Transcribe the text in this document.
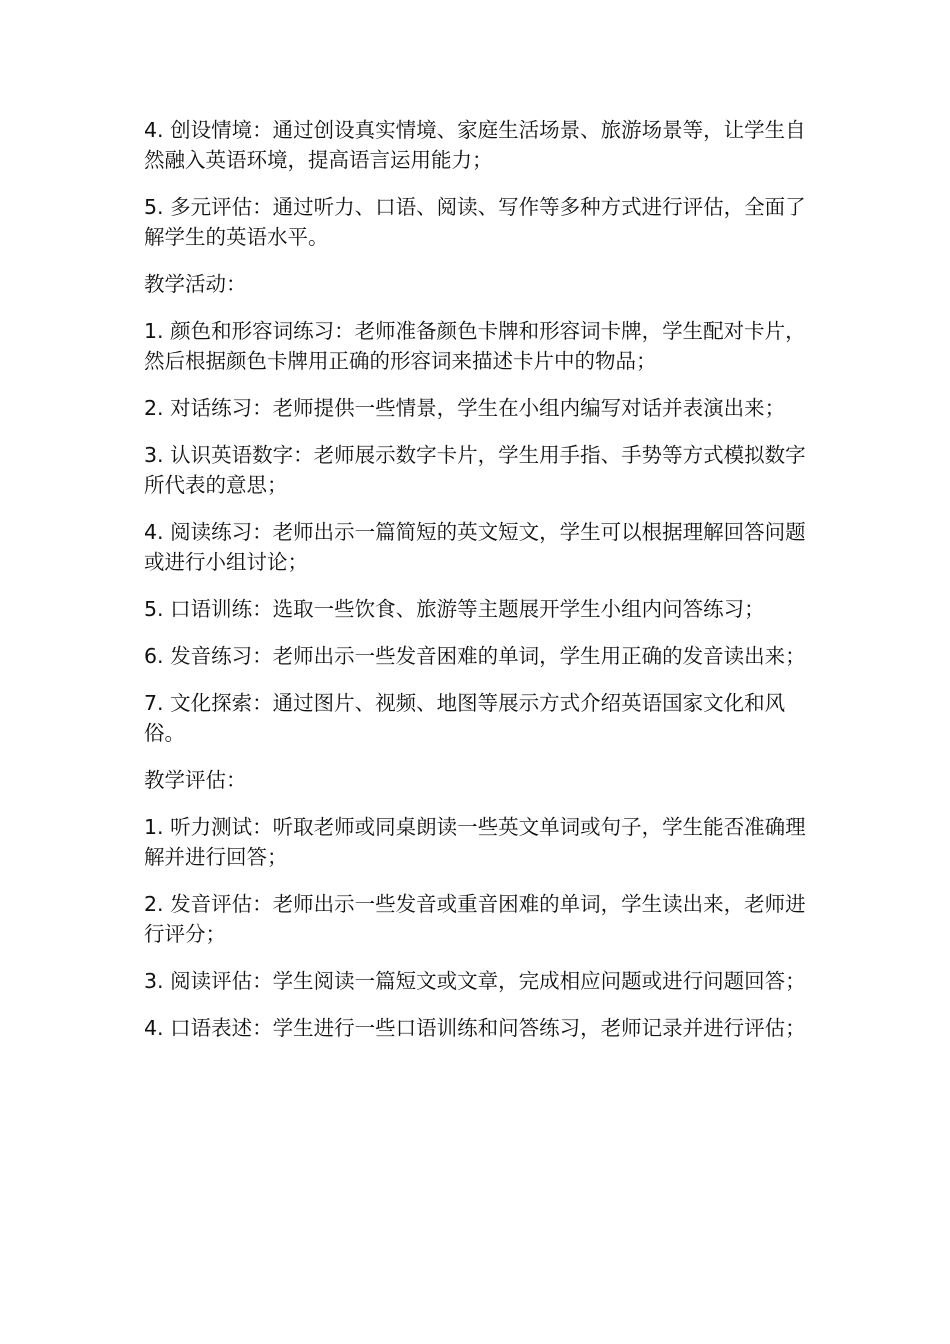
4. 创设情境：通过创设真实情境、家庭生活场景、旅游场景等，让学生自然融入英语环境，提高语言运用能力；

5. 多元评估：通过听力、口语、阅读、写作等多种方式进行评估，全面了解学生的英语水平。

教学活动：

1. 颜色和形容词练习：老师准备颜色卡牌和形容词卡牌，学生配对卡片，然后根据颜色卡牌用正确的形容词来描述卡片中的物品；

2. 对话练习：老师提供一些情景，学生在小组内编写对话并表演出来；

3. 认识英语数字：老师展示数字卡片，学生用手指、手势等方式模拟数字所代表的意思；

4. 阅读练习：老师出示一篇简短的英文短文，学生可以根据理解回答问题或进行小组讨论；

5. 口语训练：选取一些饮食、旅游等主题展开学生小组内问答练习；

6. 发音练习：老师出示一些发音困难的单词，学生用正确的发音读出来；

7. 文化探索：通过图片、视频、地图等展示方式介绍英语国家文化和风俗。

教学评估：

1. 听力测试：听取老师或同桌朗读一些英文单词或句子，学生能否准确理解并进行回答；

2. 发音评估：老师出示一些发音或重音困难的单词，学生读出来，老师进行评分；

3. 阅读评估：学生阅读一篇短文或文章，完成相应问题或进行问题回答；

4. 口语表述：学生进行一些口语训练和问答练习，老师记录并进行评估；
